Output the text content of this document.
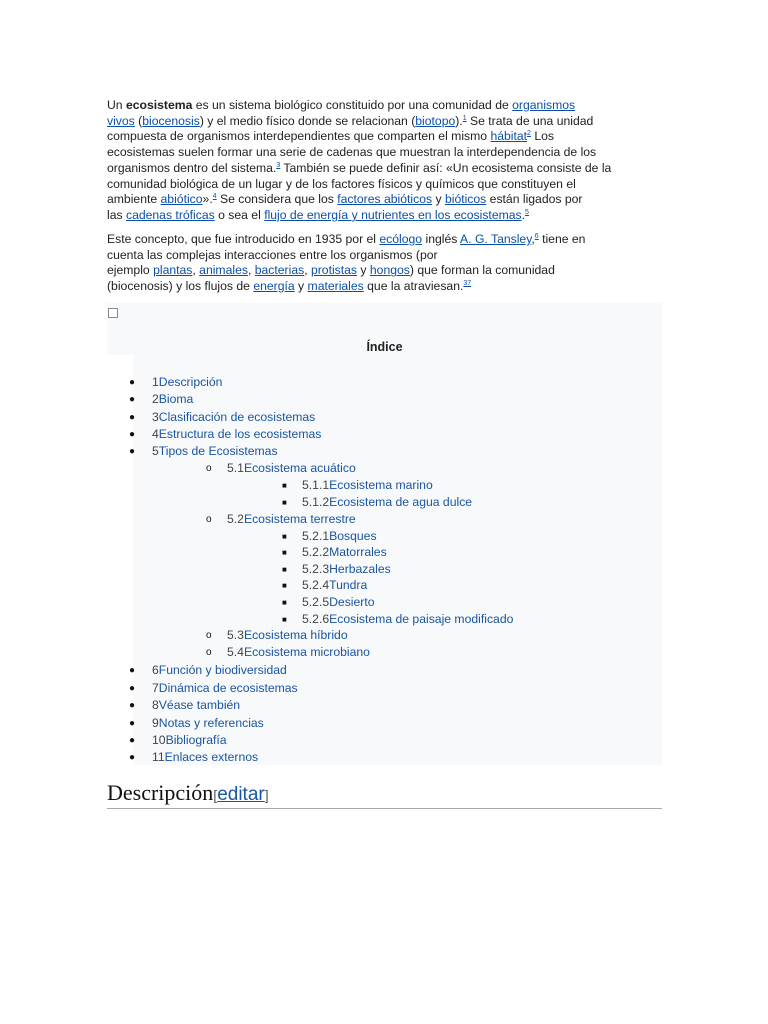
Un ecosistema es un sistema biológico constituido por una comunidad de organismos
vivos (biocenosis) y el medio físico donde se relacionan (biotopo).$^1$ Se trata de una unidad
compuesta de organismos interdependientes que comparten el mismo hábitat$^2$ Los
ecosistemas suelen formar una serie de cadenas que muestran la interdependencia de los
organismos dentro del sistema.$^3$ También se puede definir así: «Un ecosistema consiste de la
comunidad biológica de un lugar y de los factores físicos y químicos que constituyen el
ambiente abiótico».$^4$ Se considera que los factores abióticos y bióticos están ligados por
las cadenas tróficas o sea el flujo de energía y nutrientes en los ecosistemas.$^5$
Este concepto, que fue introducido en 1935 por el ecólogo inglés A. G. Tansley,$^6$ tiene en
cuenta las complejas interacciones entre los organismos (por
ejemplo plantas, animales, bacterias, protistas y hongos) que forman la comunidad
(biocenosis) y los flujos de energía y materiales que la atraviesan.$^{37}$
Índice
● 1Descripción
● 2Bioma
● 3Clasificación de ecosistemas
● 4Estructura de los ecosistemas
● 5Tipos de Ecosistemas
o 5.1Ecosistema acuático
■ 5.1.1Ecosistema marino
■ 5.1.2Ecosistema de agua dulce
o 5.2Ecosistema terrestre
■ 5.2.1Bosques
■ 5.2.2Matorrales
■ 5.2.3Herbazales
■ 5.2.4Tundra
■ 5.2.5Desierto
■ 5.2.6Ecosistema de paisaje modificado
o 5.3Ecosistema híbrido
o 5.4Ecosistema microbiano
● 6Función y biodiversidad
● 7Dinámica de ecosistemas
● 8Véase también
● 9Notas y referencias
● 10Bibliografía
● 11Enlaces externos
Descripción[editar]
